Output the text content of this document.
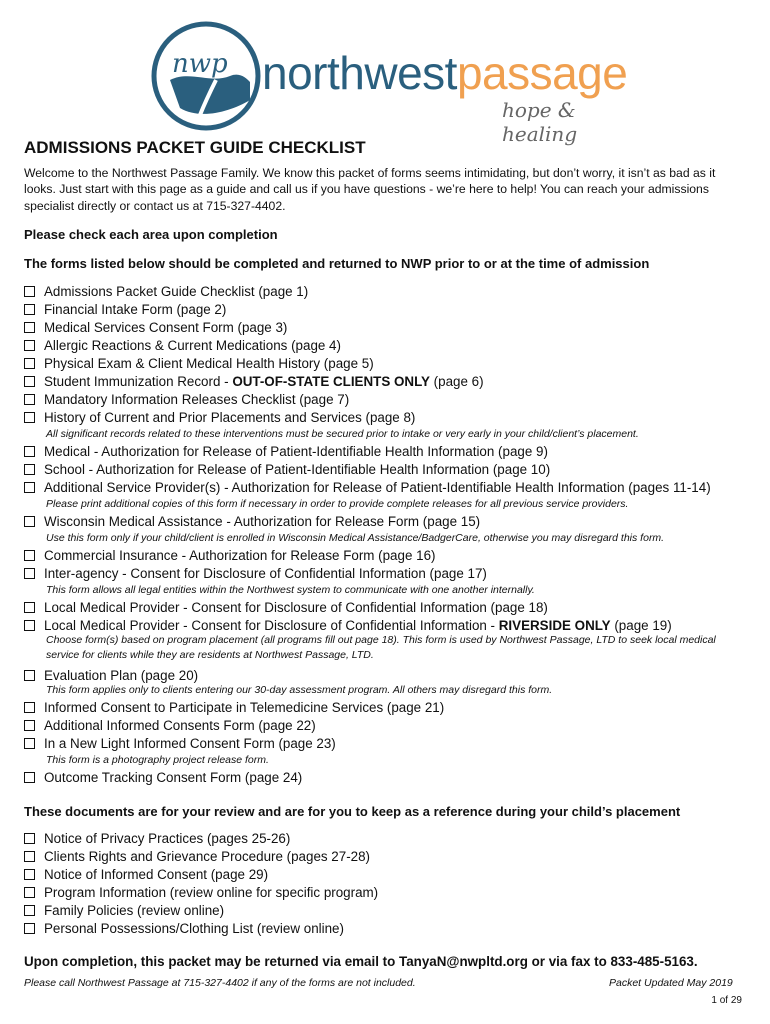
nwp northwestpassage
hope & healing
ADMISSIONS PACKET GUIDE CHECKLIST
Welcome to the Northwest Passage Family. We know this packet of forms seems intimidating, but don’t worry, it isn’t as bad as it looks. Just start with this page as a guide and call us if you have questions - we’re here to help! You can reach your admissions specialist directly or contact us at 715-327-4402.
Please check each area upon completion
The forms listed below should be completed and returned to NWP prior to or at the time of admission
These documents are for your review and are for you to keep as a reference during your child’s placement
Upon completion, this packet may be returned via email to TanyaN@nwpltd.org or via fax to 833-485-5163.
Please call Northwest Passage at 715-327-4402 if any of the forms are not included.	Packet Updated May 2019
1 of 29
Admissions Packet Guide Checklist (page 1)
Financial Intake Form (page 2)
Medical Services Consent Form (page 3)
Allergic Reactions & Current Medications (page 4)
Physical Exam & Client Medical Health History (page 5)
Student Immunization Record - OUT-OF-STATE CLIENTS ONLY (page 6)
Mandatory Information Releases Checklist (page 7)
History of Current and Prior Placements and Services (page 8)
All significant records related to these interventions must be secured prior to intake or very early in your child/client’s placement.
Medical - Authorization for Release of Patient-Identifiable Health Information (page 9)
School - Authorization for Release of Patient-Identifiable Health Information (page 10)
Additional Service Provider(s) - Authorization for Release of Patient-Identifiable Health Information (pages 11-14)
Please print additional copies of this form if necessary in order to provide complete releases for all previous service providers.
Wisconsin Medical Assistance - Authorization for Release Form (page 15)
Use this form only if your child/client is enrolled in Wisconsin Medical Assistance/BadgerCare, otherwise you may disregard this form.
Commercial Insurance - Authorization for Release Form (page 16)
Inter-agency - Consent for Disclosure of Confidential Information (page 17)
This form allows all legal entities within the Northwest system to communicate with one another internally.
Local Medical Provider - Consent for Disclosure of Confidential Information (page 18)
Local Medical Provider - Consent for Disclosure of Confidential Information - RIVERSIDE ONLY (page 19)
Choose form(s) based on program placement (all programs fill out page 18). This form is used by Northwest Passage, LTD to seek local medical service for clients while they are residents at Northwest Passage, LTD.
Evaluation Plan (page 20)
This form applies only to clients entering our 30-day assessment program. All others may disregard this form.
Informed Consent to Participate in Telemedicine Services (page 21)
Additional Informed Consents Form (page 22)
In a New Light Informed Consent Form (page 23)
This form is a photography project release form.
Outcome Tracking Consent Form (page 24)
Notice of Privacy Practices (pages 25-26)
Clients Rights and Grievance Procedure (pages 27-28)
Notice of Informed Consent (page 29)
Program Information (review online for specific program)
Family Policies (review online)
Personal Possessions/Clothing List (review online)
